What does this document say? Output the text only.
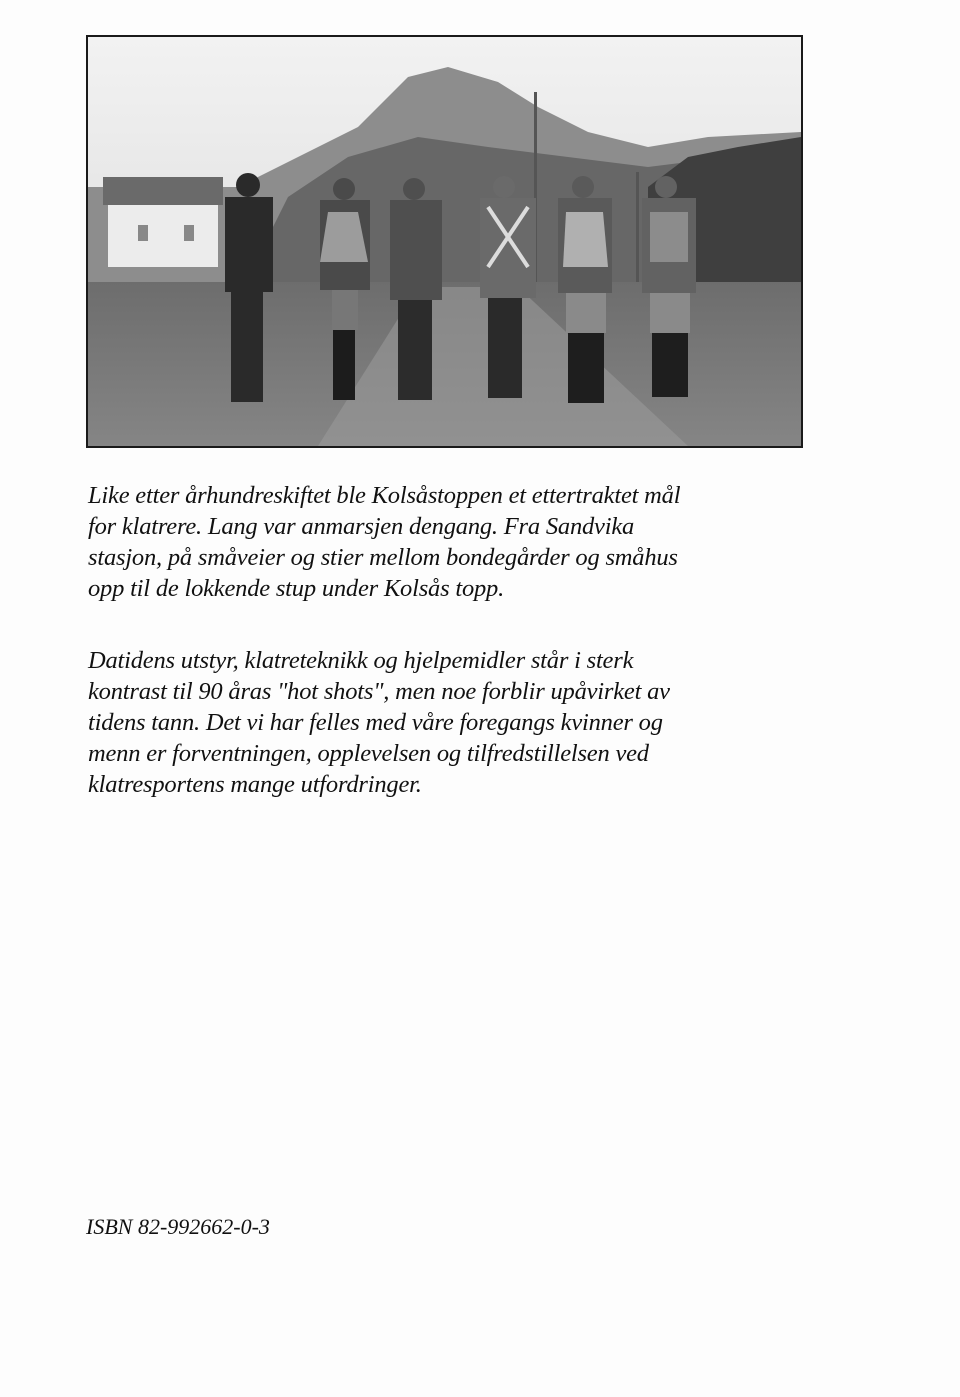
Like etter århundreskiftet ble Kolsåstoppen et ettertraktet mål
for klatrere. Lang var anmarsjen dengang. Fra Sandvika
stasjon, på småveier og stier mellom bondegårder og småhus
opp til de lokkende stup under Kolsås topp.

Datidens utstyr, klatreteknikk og hjelpemidler står i sterk
kontrast til 90 åras "hot shots", men noe forblir upåvirket av
tidens tann. Det vi har felles med våre foregangs kvinner og
menn er forventningen, opplevelsen og tilfredstillelsen ved
klatresportens mange utfordringer.

ISBN 82-992662-0-3
